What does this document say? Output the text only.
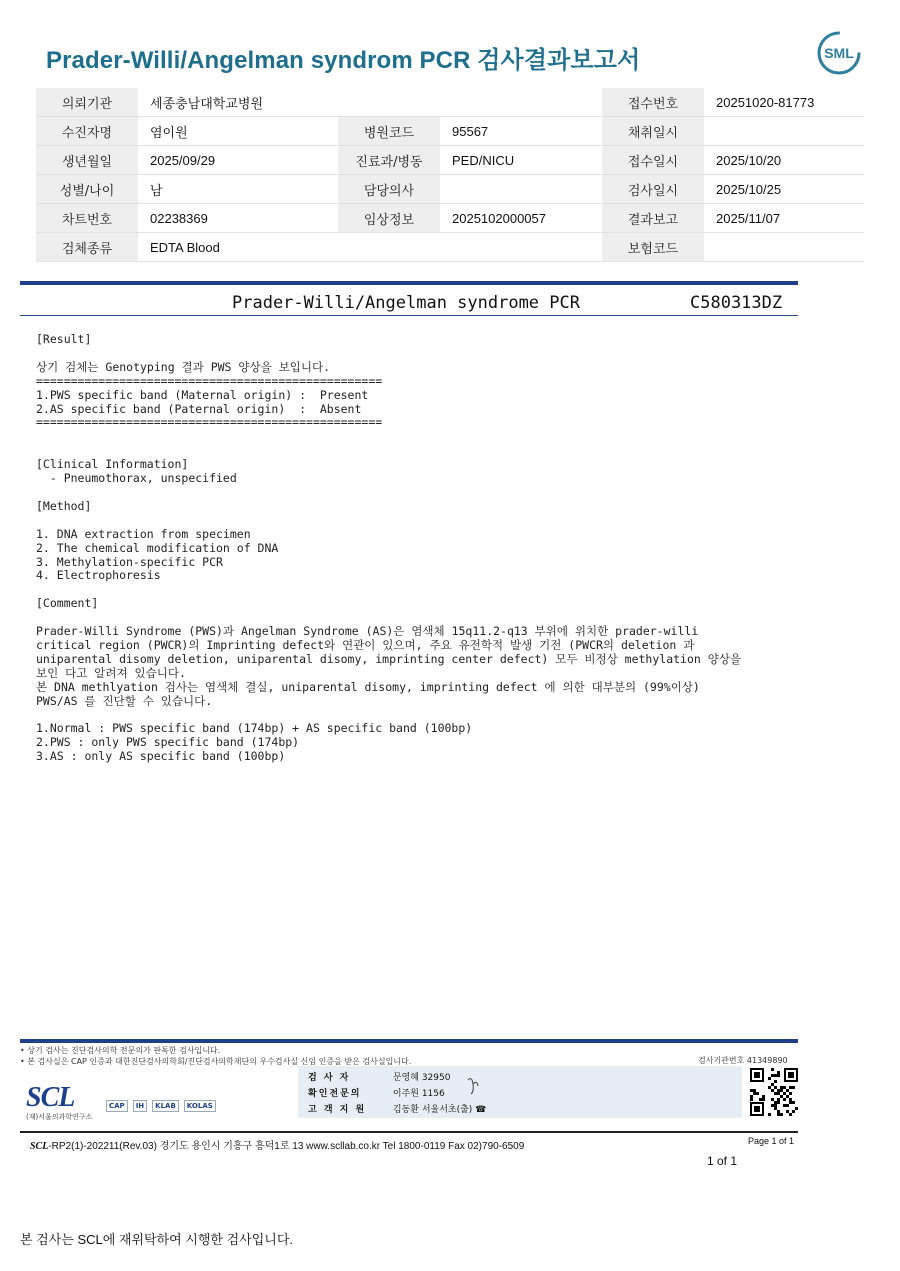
Prader-Willi/Angelman syndrom PCR 검사결과보고서	SML
의뢰기관	세종충남대학교병원			접수번호	20251020-81773
수진자명	염이원	병원코드	95567	채취일시	
생년월일	2025/09/29	진료과/병동	PED/NICU	접수일시	2025/10/20
성별/나이	남	담당의사		검사일시	2025/10/25
차트번호	02238369	임상정보	2025102000057	결과보고	2025/11/07
검체종류	EDTA Blood			보험코드	
Prader-Willi/Angelman syndrome PCR	C580313DZ
[Result]

상기 검체는 Genotyping 결과 PWS 양상을 보입니다.
==================================================
1.PWS specific band (Maternal origin) :  Present
2.AS specific band (Paternal origin)  :  Absent
==================================================

[Clinical Information]
- Pneumothorax, unspecified

[Method]

1. DNA extraction from specimen
2. The chemical modification of DNA
3. Methylation-specific PCR
4. Electrophoresis

[Comment]

Prader-Willi Syndrome (PWS)과 Angelman Syndrome (AS)은 염색체 15q11.2-q13 부위에 위치한 prader-willi
critical region (PWCR)의 Imprinting defect와 연관이 있으며, 주요 유전학적 발생 기전 (PWCR의 deletion 과
uniparental disomy deletion, uniparental disomy, imprinting center defect) 모두 비정상 methylation 양상을
보인 다고 알려져 있습니다.
본 DNA methlyation 검사는 염색체 결실, uniparental disomy, imprinting defect 에 의한 대부분의 (99%이상)
PWS/AS 를 진단할 수 있습니다.

1.Normal : PWS specific band (174bp) + AS specific band (100bp)
2.PWS : only PWS specific band (174bp)
3.AS : only AS specific band (100bp)
• 상기 검사는 진단검사의학 전문의가 판독한 검사입니다.
• 본 검사실은 CAP 인증과 대한진단검사의학회/진단검사의학재단의 우수검사실 신임 인증을 받은 검사실입니다.	검사기관번호 41349890
SCL
(재)서울의과학연구소
CAP	IH	KLAB	KOLAS
검 사 자	문영혜 32950
확인전문의	이주원 1156
고 객 지 원	김동환 서울서초(출) ☎
SCL-RP2(1)-202211(Rev.03) 경기도 용인시 기흥구 흥덕1로 13 www.scllab.co.kr Tel 1800-0119 Fax 02)790-6509	Page 1 of 1
1 of 1
본 검사는 SCL에 재위탁하여 시행한 검사입니다.
